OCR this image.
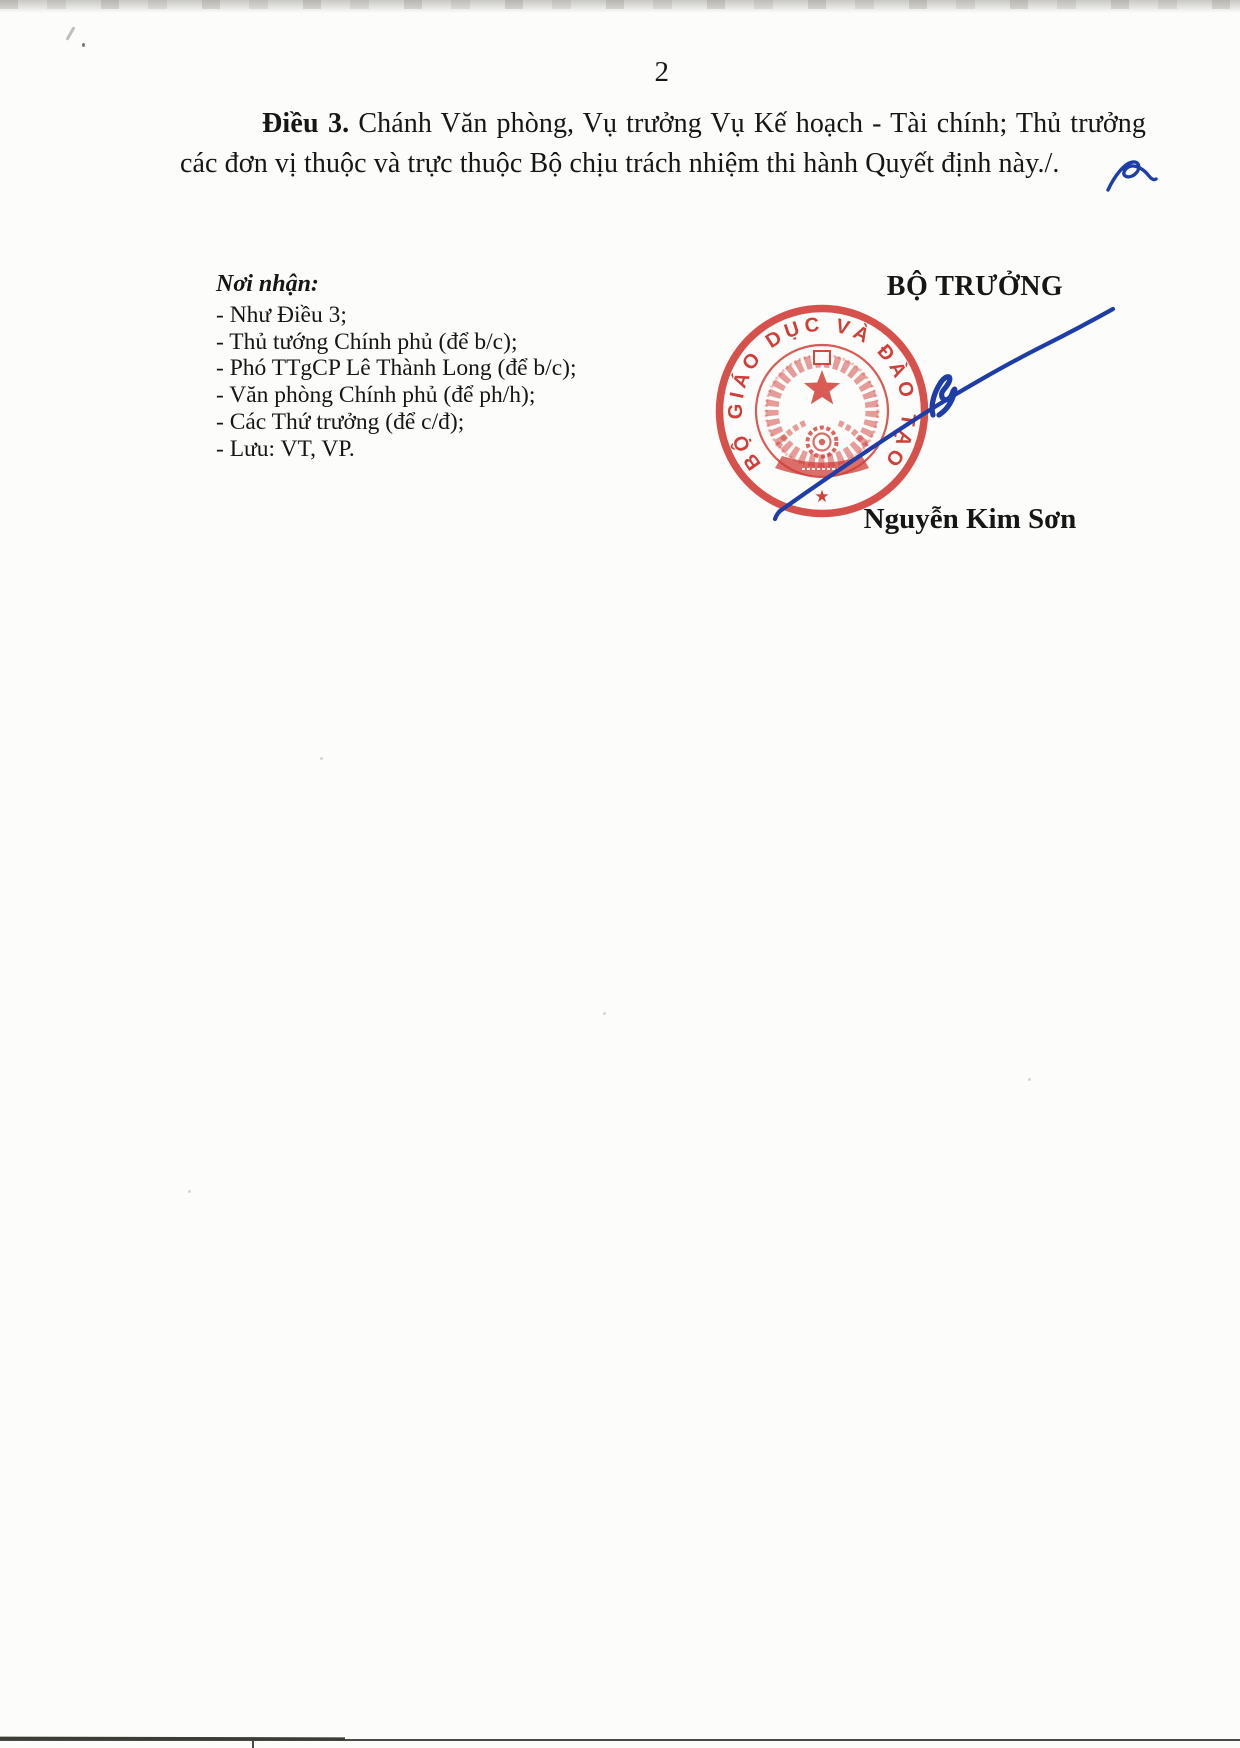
2

Điều 3. Chánh Văn phòng, Vụ trưởng Vụ Kế hoạch - Tài chính; Thủ trưởng các đơn vị thuộc và trực thuộc Bộ chịu trách nhiệm thi hành Quyết định này./.

Nơi nhận:
- Như Điều 3;
- Thủ tướng Chính phủ (để b/c);
- Phó TTgCP Lê Thành Long (để b/c);
- Văn phòng Chính phủ (để ph/h);
- Các Thứ trưởng (để c/đ);
- Lưu: VT, VP.
BỘ TRƯỞNG
BỘ GIÁO DỤC VÀ ĐÀO TẠO
★
Nguyễn Kim Sơn
